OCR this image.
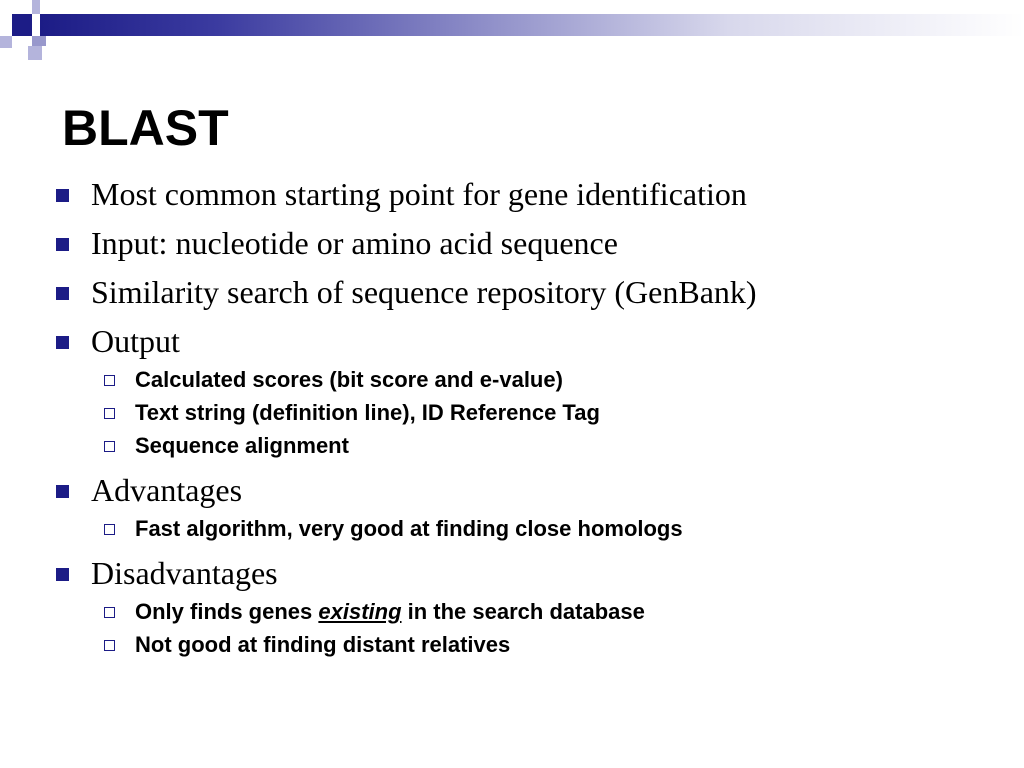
BLAST
Most common starting point for gene identification
Input: nucleotide or amino acid sequence
Similarity search of sequence repository (GenBank)
Output
Calculated scores (bit score and e-value)
Text string (definition line), ID Reference Tag
Sequence alignment
Advantages
Fast algorithm, very good at finding close homologs
Disadvantages
Only finds genes existing in the search database
Not good at finding distant relatives
